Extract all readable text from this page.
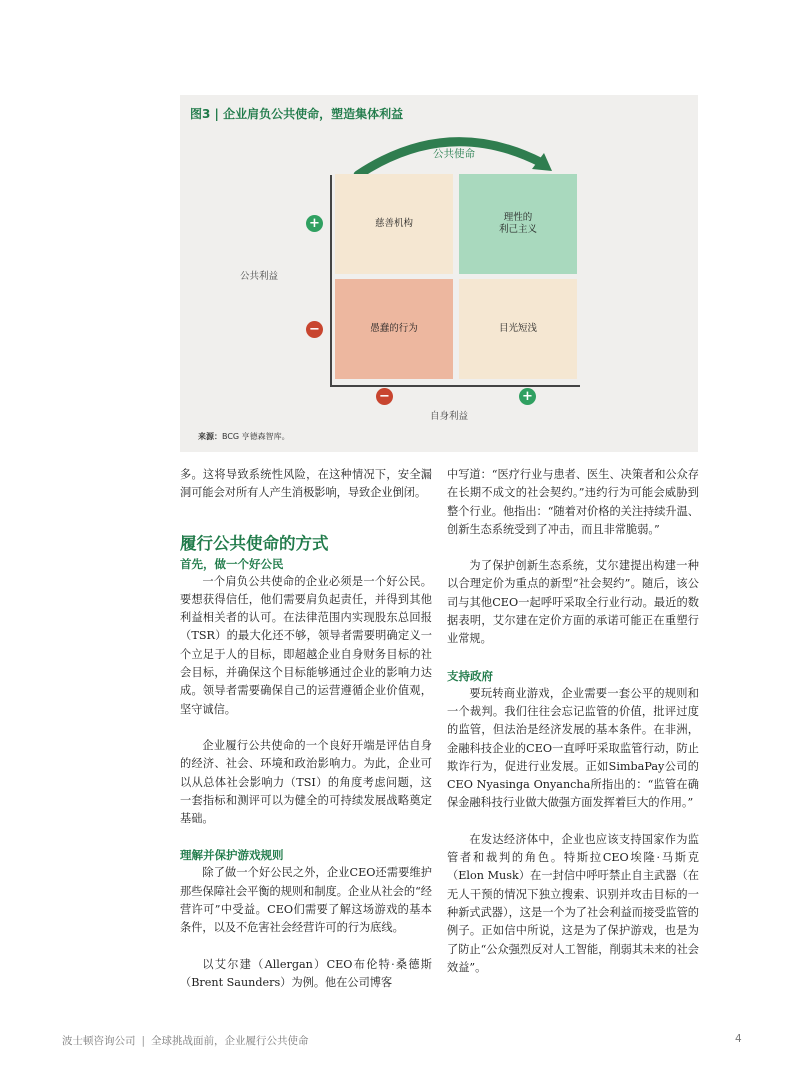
图3 | 企业肩负公共使命，塑造集体利益
公共使命
慈善机构
理性的
利己主义
愚蠢的行为	目光短浅
公共利益
自身利益
+
−
−	+
来源：BCG 亨德森智库。

多。这将导致系统性风险，在这种情况下，安全漏洞可能会对所有人产生消极影响，导致企业倒闭。

履行公共使命的方式
首先，做一个好公民

一个肩负公共使命的企业必须是一个好公民。要想获得信任，他们需要肩负起责任，并得到其他利益相关者的认可。在法律范围内实现股东总回报（TSR）的最大化还不够，领导者需要明确定义一个立足于人的目标，即超越企业自身财务目标的社会目标，并确保这个目标能够通过企业的影响力达成。领导者需要确保自己的运营遵循企业价值观，坚守诚信。

企业履行公共使命的一个良好开端是评估自身的经济、社会、环境和政治影响力。为此，企业可以从总体社会影响力（TSI）的角度考虑问题，这一套指标和测评可以为健全的可持续发展战略奠定基础。

理解并保护游戏规则

除了做一个好公民之外，企业CEO还需要维护那些保障社会平衡的规则和制度。企业从社会的“经营许可”中受益。CEO们需要了解这场游戏的基本条件，以及不危害社会经营许可的行为底线。

以艾尔建（Allergan）CEO布伦特·桑德斯（Brent Saunders）为例。他在公司博客

中写道：“医疗行业与患者、医生、决策者和公众存在长期不成文的社会契约。”违约行为可能会威胁到整个行业。他指出：“随着对价格的关注持续升温、创新生态系统受到了冲击，而且非常脆弱。”

为了保护创新生态系统，艾尔建提出构建一种以合理定价为重点的新型“社会契约”。随后，该公司与其他CEO一起呼吁采取全行业行动。最近的数据表明，艾尔建在定价方面的承诺可能正在重塑行业常规。

支持政府

要玩转商业游戏，企业需要一套公平的规则和一个裁判。我们往往会忘记监管的价值，批评过度的监管，但法治是经济发展的基本条件。在非洲，金融科技企业的CEO一直呼吁采取监管行动，防止欺诈行为，促进行业发展。正如SimbaPay公司的CEO Nyasinga Onyancha所指出的：“监管在确保金融科技行业做大做强方面发挥着巨大的作用。”

在发达经济体中，企业也应该支持国家作为监管者和裁判的角色。特斯拉CEO埃隆·马斯克（Elon Musk）在一封信中呼吁禁止自主武器（在无人干预的情况下独立搜索、识别并攻击目标的一种新式武器），这是一个为了社会利益而接受监管的例子。正如信中所说，这是为了保护游戏，也是为了防止“公众强烈反对人工智能，削弱其未来的社会效益”。

波士顿咨询公司 | 全球挑战面前，企业履行公共使命	4
